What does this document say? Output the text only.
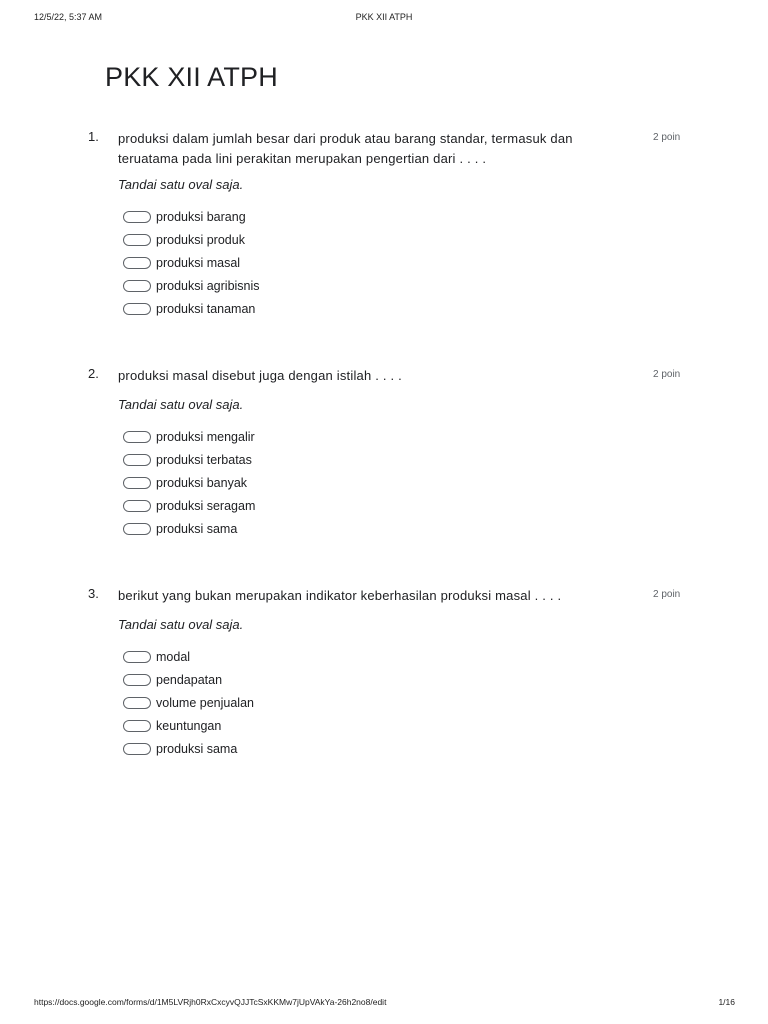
12/5/22, 5:37 AM	PKK XII ATPH
PKK XII ATPH
1. produksi dalam jumlah besar dari produk atau barang standar, termasuk dan teruatama pada lini perakitan merupakan pengertian dari . . . .
2 poin
Tandai satu oval saja.
produksi barang
produksi produk
produksi masal
produksi agribisnis
produksi tanaman
2. produksi masal disebut juga dengan istilah . . . .	2 poin
Tandai satu oval saja.
produksi mengalir
produksi terbatas
produksi banyak
produksi seragam
produksi sama
3. berikut yang bukan merupakan indikator keberhasilan produksi masal . . . .	2 poin
Tandai satu oval saja.
modal
pendapatan
volume penjualan
keuntungan
produksi sama
https://docs.google.com/forms/d/1M5LVRjh0RxCxcyvQJJTcSxKKMw7jUpVAkYa-26h2no8/edit	1/16
